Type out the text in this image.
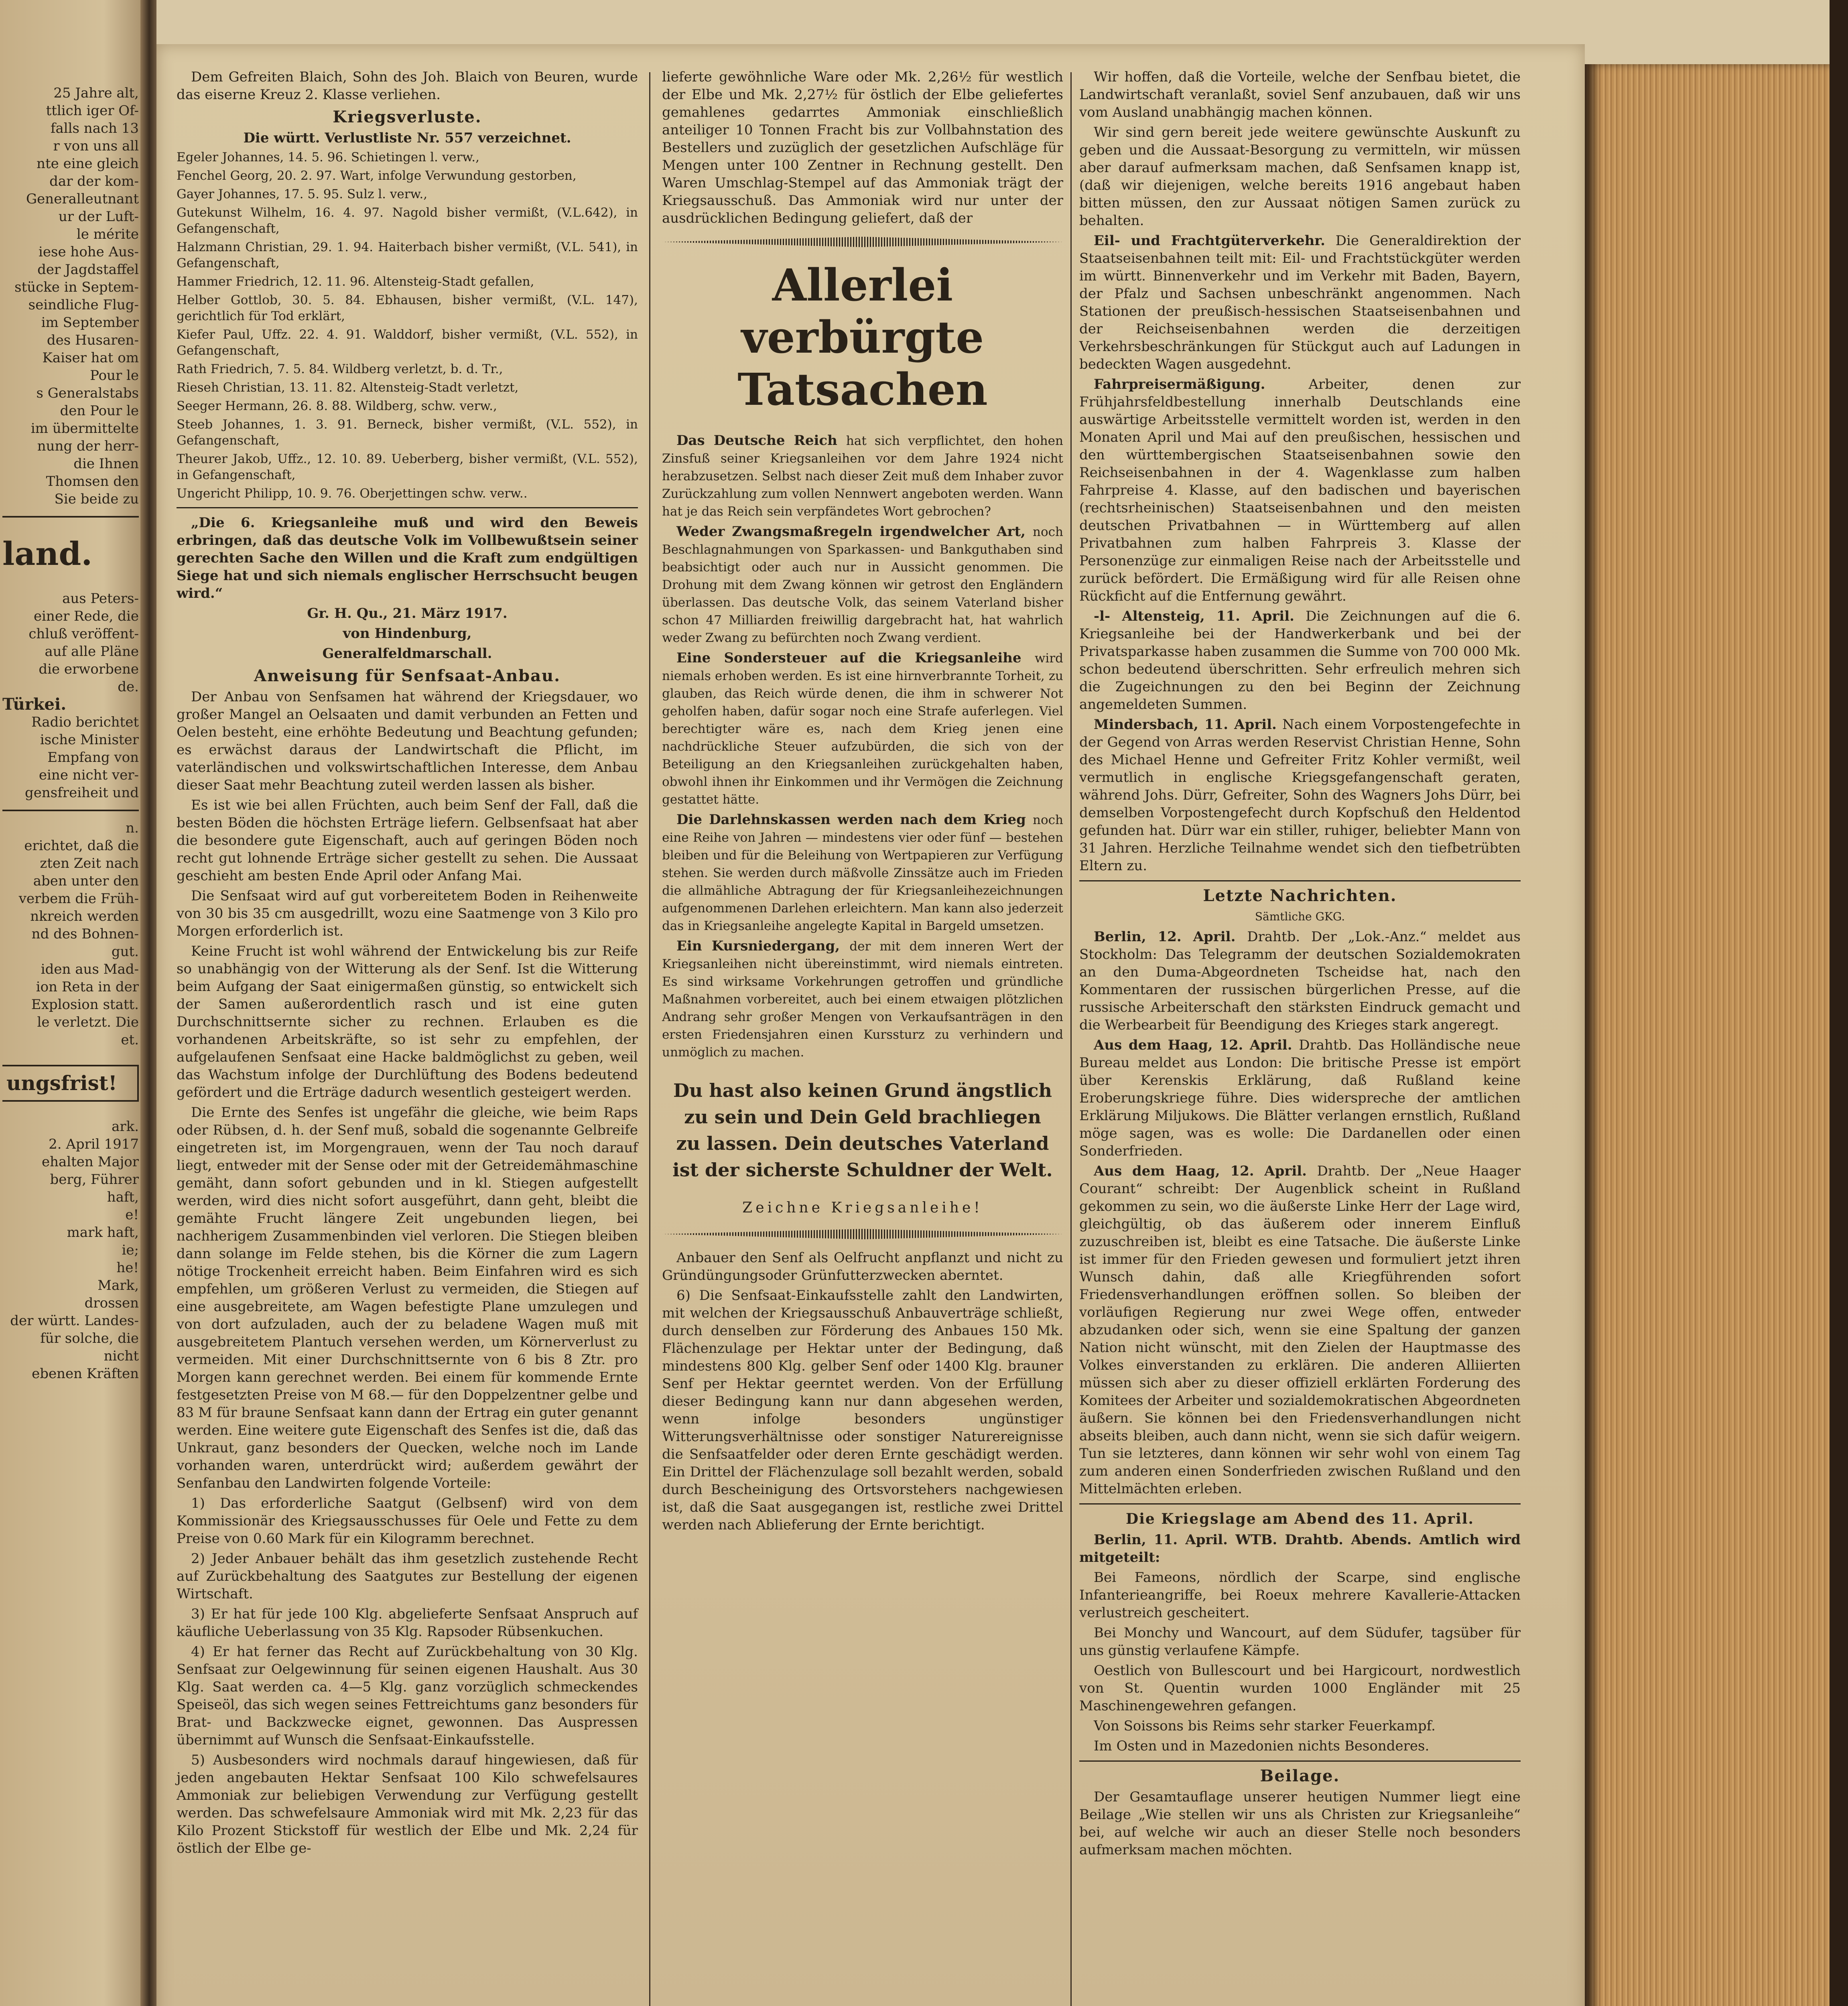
25 Jahre alt,
ttlich iger Of-
falls nach 13
r von uns all
nte eine gleich
dar der kom-
Generalleutnant
ur der Luft-
le mérite
iese hohe Aus-
der Jagdstaffel
stücke in Septem-
seindliche Flug-
im September
des Husaren-
Kaiser hat om
Pour le
s Generalstabs
den Pour le
im übermittelte
nung der herr-
die Ihnen
Thomsen den
Sie beide zu
land.
aus Peters-
einer Rede, die
chluß veröffent-
auf alle Pläne
die erworbene
de.
Türkei.
Radio berichtet
ische Minister
Empfang von
eine nicht ver-
gensfreiheit und
n.
erichtet, daß die
zten Zeit nach
aben unter den
verbem die Früh-
nkreich werden
nd des Bohnen-
gut.
iden aus Mad-
ion Reta in der
Explosion statt.
le verletzt. Die
et.
ungsfrist!
ark.
2. April 1917
ehalten Major
berg, Führer
haft,
e!
mark haft,
ie;
he!
Mark,
drossen
der württ. Landes-
für solche, die nicht
ebenen Kräften

Dem Gefreiten Blaich, Sohn des Joh. Blaich von Beuren, wurde das eiserne Kreuz 2. Klasse verliehen.

Kriegsverluste.

Die württ. Verlustliste Nr. 557 verzeichnet.

Egeler Johannes, 14. 5. 96. Schietingen l. verw.,

Fenchel Georg, 20. 2. 97. Wart, infolge Verwundung gestorben,

Gayer Johannes, 17. 5. 95. Sulz l. verw.,

Gutekunst Wilhelm, 16. 4. 97. Nagold bisher vermißt, (V.L.642), in Gefangenschaft,

Halzmann Christian, 29. 1. 94. Haiterbach bisher vermißt, (V.L. 541), in Gefangenschaft,

Hammer Friedrich, 12. 11. 96. Altensteig-Stadt gefallen,

Helber Gottlob, 30. 5. 84. Ebhausen, bisher vermißt, (V.L. 147), gerichtlich für Tod erklärt,

Kiefer Paul, Uffz. 22. 4. 91. Walddorf, bisher vermißt, (V.L. 552), in Gefangenschaft,

Rath Friedrich, 7. 5. 84. Wildberg verletzt, b. d. Tr.,

Rieseh Christian, 13. 11. 82. Altensteig-Stadt verletzt,

Seeger Hermann, 26. 8. 88. Wildberg, schw. verw.,

Steeb Johannes, 1. 3. 91. Berneck, bisher vermißt, (V.L. 552), in Gefangenschaft,

Theurer Jakob, Uffz., 12. 10. 89. Ueberberg, bisher vermißt, (V.L. 552), in Gefangenschaft,

Ungericht Philipp, 10. 9. 76. Oberjettingen schw. verw..

„Die 6. Kriegsanleihe muß und wird den Beweis erbringen, daß das deutsche Volk im Vollbewußtsein seiner gerechten Sache den Willen und die Kraft zum endgültigen Siege hat und sich niemals englischer Herrschsucht beugen wird.“

Gr. H. Qu., 21. März 1917.

von Hindenburg,

Generalfeldmarschall.

Anweisung für Senfsaat-Anbau.

Der Anbau von Senfsamen hat während der Kriegsdauer, wo großer Mangel an Oelsaaten und damit verbunden an Fetten und Oelen besteht, eine erhöhte Bedeutung und Beachtung gefunden; es erwächst daraus der Landwirtschaft die Pflicht, im vaterländischen und volkswirtschaftlichen Interesse, dem Anbau dieser Saat mehr Beachtung zuteil werden lassen als bisher.

Es ist wie bei allen Früchten, auch beim Senf der Fall, daß die besten Böden die höchsten Erträge liefern. Gelbsenfsaat hat aber die besondere gute Eigenschaft, auch auf geringen Böden noch recht gut lohnende Erträge sicher gestellt zu sehen. Die Aussaat geschieht am besten Ende April oder Anfang Mai.

Die Senfsaat wird auf gut vorbereitetem Boden in Reihenweite von 30 bis 35 cm ausgedrillt, wozu eine Saatmenge von 3 Kilo pro Morgen erforderlich ist.

Keine Frucht ist wohl während der Entwickelung bis zur Reife so unabhängig von der Witterung als der Senf. Ist die Witterung beim Aufgang der Saat einigermaßen günstig, so entwickelt sich der Samen außerordentlich rasch und ist eine guten Durchschnittsernte sicher zu rechnen. Erlauben es die vorhandenen Arbeitskräfte, so ist sehr zu empfehlen, der aufgelaufenen Senfsaat eine Hacke baldmöglichst zu geben, weil das Wachstum infolge der Durchlüftung des Bodens bedeutend gefördert und die Erträge dadurch wesentlich gesteigert werden.

Die Ernte des Senfes ist ungefähr die gleiche, wie beim Raps oder Rübsen, d. h. der Senf muß, sobald die sogenannte Gelbreife eingetreten ist, im Morgengrauen, wenn der Tau noch darauf liegt, entweder mit der Sense oder mit der Getreidemähmaschine gemäht, dann sofort gebunden und in kl. Stiegen aufgestellt werden, wird dies nicht sofort ausgeführt, dann geht, bleibt die gemähte Frucht längere Zeit ungebunden liegen, bei nachherigem Zusammenbinden viel verloren. Die Stiegen bleiben dann solange im Felde stehen, bis die Körner die zum Lagern nötige Trockenheit erreicht haben. Beim Einfahren wird es sich empfehlen, um größeren Verlust zu vermeiden, die Stiegen auf eine ausgebreitete, am Wagen befestigte Plane umzulegen und von dort aufzuladen, auch der zu beladene Wagen muß mit ausgebreitetem Plantuch versehen werden, um Körnerverlust zu vermeiden. Mit einer Durchschnittsernte von 6 bis 8 Ztr. pro Morgen kann gerechnet werden. Bei einem für kommende Ernte festgesetzten Preise von M 68.— für den Doppelzentner gelbe und 83 M für braune Senfsaat kann dann der Ertrag ein guter genannt werden. Eine weitere gute Eigenschaft des Senfes ist die, daß das Unkraut, ganz besonders der Quecken, welche noch im Lande vorhanden waren, unterdrückt wird; außerdem gewährt der Senfanbau den Landwirten folgende Vorteile:

1) Das erforderliche Saatgut (Gelbsenf) wird von dem Kommissionär des Kriegsausschusses für Oele und Fette zu dem Preise von 0.60 Mark für ein Kilogramm berechnet.

2) Jeder Anbauer behält das ihm gesetzlich zustehende Recht auf Zurückbehaltung des Saatgutes zur Bestellung der eigenen Wirtschaft.

3) Er hat für jede 100 Klg. abgelieferte Senfsaat Anspruch auf käufliche Ueberlassung von 35 Klg. Rapsoder Rübsenkuchen.

4) Er hat ferner das Recht auf Zurückbehaltung von 30 Klg. Senfsaat zur Oelgewinnung für seinen eigenen Haushalt. Aus 30 Klg. Saat werden ca. 4—5 Klg. ganz vorzüglich schmeckendes Speiseöl, das sich wegen seines Fettreichtums ganz besonders für Brat- und Backzwecke eignet, gewonnen. Das Auspressen übernimmt auf Wunsch die Senfsaat-Einkaufsstelle.

5) Ausbesonders wird nochmals darauf hingewiesen, daß für jeden angebauten Hektar Senfsaat 100 Kilo schwefelsaures Ammoniak zur beliebigen Verwendung zur Verfügung gestellt werden. Das schwefelsaure Ammoniak wird mit Mk. 2,23 für das Kilo Prozent Stickstoff für westlich der Elbe und Mk. 2,24 für östlich der Elbe ge-

lieferte gewöhnliche Ware oder Mk. 2,26½ für westlich der Elbe und Mk. 2,27½ für östlich der Elbe geliefertes gemahlenes gedarrtes Ammoniak einschließlich anteiliger 10 Tonnen Fracht bis zur Vollbahnstation des Bestellers und zuzüglich der gesetzlichen Aufschläge für Mengen unter 100 Zentner in Rechnung gestellt. Den Waren Umschlag-Stempel auf das Ammoniak trägt der Kriegsausschuß. Das Ammoniak wird nur unter der ausdrücklichen Bedingung geliefert, daß der

Allerlei verbürgte Tatsachen

Das Deutsche Reich hat sich verpflichtet, den hohen Zinsfuß seiner Kriegsanleihen vor dem Jahre 1924 nicht herabzusetzen. Selbst nach dieser Zeit muß dem Inhaber zuvor Zurückzahlung zum vollen Nennwert angeboten werden. Wann hat je das Reich sein verpfändetes Wort gebrochen?

Weder Zwangsmaßregeln irgendwelcher Art, noch Beschlagnahmungen von Sparkassen- und Bankguthaben sind beabsichtigt oder auch nur in Aussicht genommen. Die Drohung mit dem Zwang können wir getrost den Engländern überlassen. Das deutsche Volk, das seinem Vaterland bisher schon 47 Milliarden freiwillig dargebracht hat, hat wahrlich weder Zwang zu befürchten noch Zwang verdient.

Eine Sondersteuer auf die Kriegsanleihe wird niemals erhoben werden. Es ist eine hirnverbrannte Torheit, zu glauben, das Reich würde denen, die ihm in schwerer Not geholfen haben, dafür sogar noch eine Strafe auferlegen. Viel berechtigter wäre es, nach dem Krieg jenen eine nachdrückliche Steuer aufzubürden, die sich von der Beteiligung an den Kriegsanleihen zurückgehalten haben, obwohl ihnen ihr Einkommen und ihr Vermögen die Zeichnung gestattet hätte.

Die Darlehnskassen werden nach dem Krieg noch eine Reihe von Jahren — mindestens vier oder fünf — bestehen bleiben und für die Beleihung von Wertpapieren zur Verfügung stehen. Sie werden durch mäßvolle Zinssätze auch im Frieden die allmähliche Abtragung der für Kriegsanleihezeichnungen aufgenommenen Darlehen erleichtern. Man kann also jederzeit das in Kriegsanleihe angelegte Kapital in Bargeld umsetzen.

Ein Kursniedergang, der mit dem inneren Wert der Kriegsanleihen nicht übereinstimmt, wird niemals eintreten. Es sind wirksame Vorkehrungen getroffen und gründliche Maßnahmen vorbereitet, auch bei einem etwaigen plötzlichen Andrang sehr großer Mengen von Verkaufsanträgen in den ersten Friedensjahren einen Kurssturz zu verhindern und unmöglich zu machen.

Du hast also keinen Grund ängstlich zu sein und Dein Geld brachliegen zu lassen. Dein deutsches Vaterland ist der sicherste Schuldner der Welt.
Zeichne Kriegsanleihe!

Anbauer den Senf als Oelfrucht anpflanzt und nicht zu Gründüngungsoder Grünfutterzwecken aberntet.

6) Die Senfsaat-Einkaufsstelle zahlt den Landwirten, mit welchen der Kriegsausschuß Anbauverträge schließt, durch denselben zur Förderung des Anbaues 150 Mk. Flächenzulage per Hektar unter der Bedingung, daß mindestens 800 Klg. gelber Senf oder 1400 Klg. brauner Senf per Hektar geerntet werden. Von der Erfüllung dieser Bedingung kann nur dann abgesehen werden, wenn infolge besonders ungünstiger Witterungsverhältnisse oder sonstiger Naturereignisse die Senfsaatfelder oder deren Ernte geschädigt werden. Ein Drittel der Flächenzulage soll bezahlt werden, sobald durch Bescheinigung des Ortsvorstehers nachgewiesen ist, daß die Saat ausgegangen ist, restliche zwei Drittel werden nach Ablieferung der Ernte berichtigt.

Wir hoffen, daß die Vorteile, welche der Senfbau bietet, die Landwirtschaft veranlaßt, soviel Senf anzubauen, daß wir uns vom Ausland unabhängig machen können.

Wir sind gern bereit jede weitere gewünschte Auskunft zu geben und die Aussaat-Besorgung zu vermitteln, wir müssen aber darauf aufmerksam machen, daß Senfsamen knapp ist, (daß wir diejenigen, welche bereits 1916 angebaut haben bitten müssen, den zur Aussaat nötigen Samen zurück zu behalten.

Eil- und Frachtgüterverkehr. Die Generaldirektion der Staatseisenbahnen teilt mit: Eil- und Frachtstückgüter werden im württ. Binnenverkehr und im Verkehr mit Baden, Bayern, der Pfalz und Sachsen unbeschränkt angenommen. Nach Stationen der preußisch-hessischen Staatseisenbahnen und der Reichseisenbahnen werden die derzeitigen Verkehrsbeschränkungen für Stückgut auch auf Ladungen in bedeckten Wagen ausgedehnt.

Fahrpreisermäßigung.	Arbeiter, denen zur Frühjahrsfeldbestellung innerhalb Deutschlands eine auswärtige Arbeitsstelle vermittelt worden ist, werden in den Monaten April und Mai auf den preußischen, hessischen und den württembergischen Staatseisenbahnen sowie den Reichseisenbahnen in der 4. Wagenklasse zum halben Fahrpreise 4. Klasse, auf den badischen und bayerischen (rechtsrheinischen) Staatseisenbahnen und den meisten deutschen Privatbahnen — in Württemberg auf allen Privatbahnen zum halben Fahrpreis 3. Klasse der Personenzüge zur einmaligen Reise nach der Arbeitsstelle und zurück befördert. Die Ermäßigung wird für alle Reisen ohne Rückficht auf die Entfernung gewährt.

-l- Altensteig, 11. April. Die Zeichnungen auf die 6. Kriegsanleihe bei der Handwerkerbank und bei der Privatsparkasse haben zusammen die Summe von 700 000 Mk. schon bedeutend überschritten. Sehr erfreulich mehren sich die Zugeichnungen zu den bei Beginn der Zeichnung angemeldeten Summen.

Mindersbach, 11. April. Nach einem Vorpostengefechte in der Gegend von Arras werden Reservist Christian Henne, Sohn des Michael Henne und Gefreiter Fritz Kohler vermißt, weil vermutlich in englische Kriegsgefangenschaft geraten, während Johs. Dürr, Gefreiter, Sohn des Wagners Johs Dürr, bei demselben Vorpostengefecht durch Kopfschuß den Heldentod gefunden hat. Dürr war ein stiller, ruhiger, beliebter Mann von 31 Jahren. Herzliche Teilnahme wendet sich den tiefbetrübten Eltern zu.

Letzte Nachrichten.

Sämtliche GKG.

Berlin, 12. April. Drahtb. Der „Lok.-Anz.“ meldet aus Stockholm: Das Telegramm der deutschen Sozialdemokraten an den Duma-Abgeordneten Tscheidse hat, nach den Kommentaren der russischen bürgerlichen Presse, auf die russische Arbeiterschaft den stärksten Eindruck gemacht und die Werbearbeit für Beendigung des Krieges stark angeregt.

Aus dem Haag, 12. April. Drahtb. Das Holländische neue Bureau meldet aus London: Die britische Presse ist empört über Kerenskis Erklärung, daß Rußland keine Eroberungskriege führe. Dies widerspreche der amtlichen Erklärung Miljukows. Die Blätter verlangen ernstlich, Rußland möge sagen, was es wolle: Die Dardanellen oder einen Sonderfrieden.

Aus dem Haag, 12. April. Drahtb. Der „Neue Haager Courant“ schreibt: Der Augenblick scheint in Rußland gekommen zu sein, wo die äußerste Linke Herr der Lage wird, gleichgültig, ob das äußerem oder innerem Einfluß zuzuschreiben ist, bleibt es eine Tatsache. Die äußerste Linke ist immer für den Frieden gewesen und formuliert jetzt ihren Wunsch dahin, daß alle Kriegführenden sofort Friedensverhandlungen eröffnen sollen. So bleiben der vorläufigen Regierung nur zwei Wege offen, entweder abzudanken oder sich, wenn sie eine Spaltung der ganzen Nation nicht wünscht, mit den Zielen der Hauptmasse des Volkes einverstanden zu erklären. Die anderen Alliierten müssen sich aber zu dieser offiziell erklärten Forderung des Komitees der Arbeiter und sozialdemokratischen Abgeordneten äußern. Sie können bei den Friedensverhandlungen nicht abseits bleiben, auch dann nicht, wenn sie sich dafür weigern. Tun sie letzteres, dann können wir sehr wohl von einem Tag zum anderen einen Sonderfrieden zwischen Rußland und den Mittelmächten erleben.

Die Kriegslage am Abend des 11. April.

Berlin, 11. April. WTB. Drahtb. Abends. Amtlich wird mitgeteilt:

Bei Fameons, nördlich der Scarpe, sind englische Infanterieangriffe, bei Roeux mehrere Kavallerie-Attacken verlustreich gescheitert.

Bei Monchy und Wancourt, auf dem Südufer, tagsüber für uns günstig verlaufene Kämpfe.

Oestlich von Bullescourt und bei Hargicourt, nordwestlich von St. Quentin wurden 1000 Engländer mit 25 Maschinengewehren gefangen.

Von Soissons bis Reims sehr starker Feuerkampf.

Im Osten und in Mazedonien nichts Besonderes.

Beilage.

Der Gesamtauflage unserer heutigen Nummer liegt eine Beilage „Wie stellen wir uns als Christen zur Kriegsanleihe“ bei, auf welche wir auch an dieser Stelle noch besonders aufmerksam machen möchten.
